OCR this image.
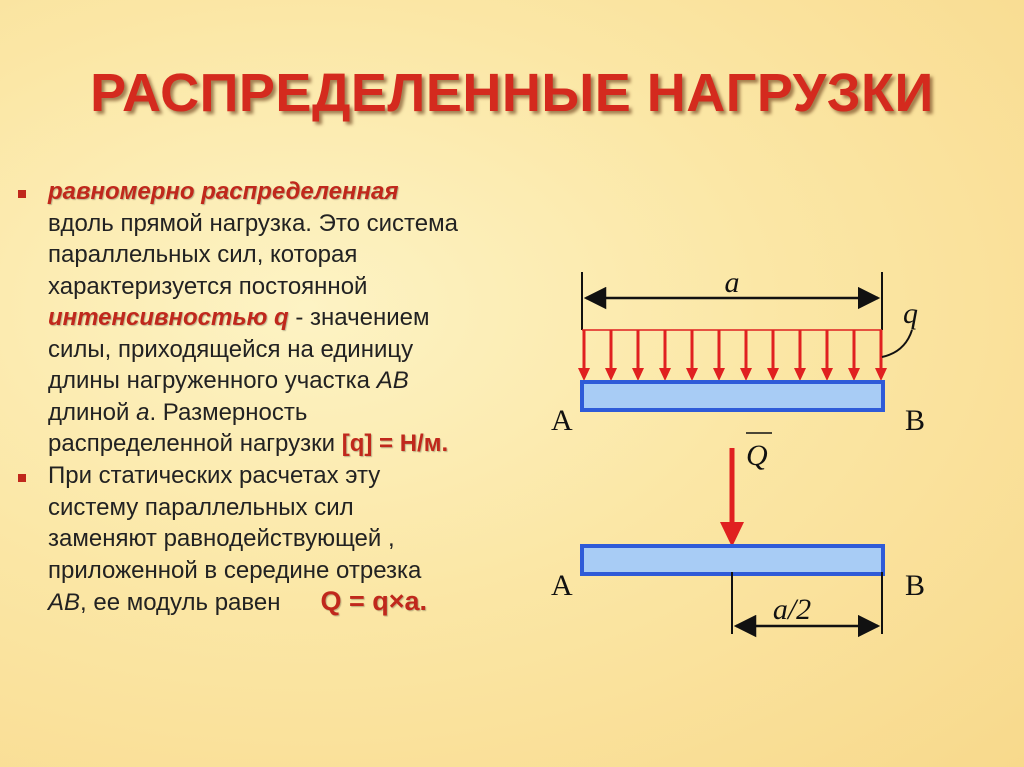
РАСПРЕДЕЛЕННЫЕ НАГРУЗКИ
равномерно распределенная
вдоль прямой нагрузка. Это система
параллельных сил, которая
характеризуется постоянной
интенсивностью q - значением
силы, приходящейся на единицу
длины нагруженного участка АВ
длиной а. Размерность
распределенной нагрузки [q] = Н/м.
При статических расчетах эту
систему параллельных сил
заменяют равнодействующей ,
приложенной в середине отрезка
АВ, ее модуль равен Q = q×a.
a
q
A	B
Q
A	B
a/2
